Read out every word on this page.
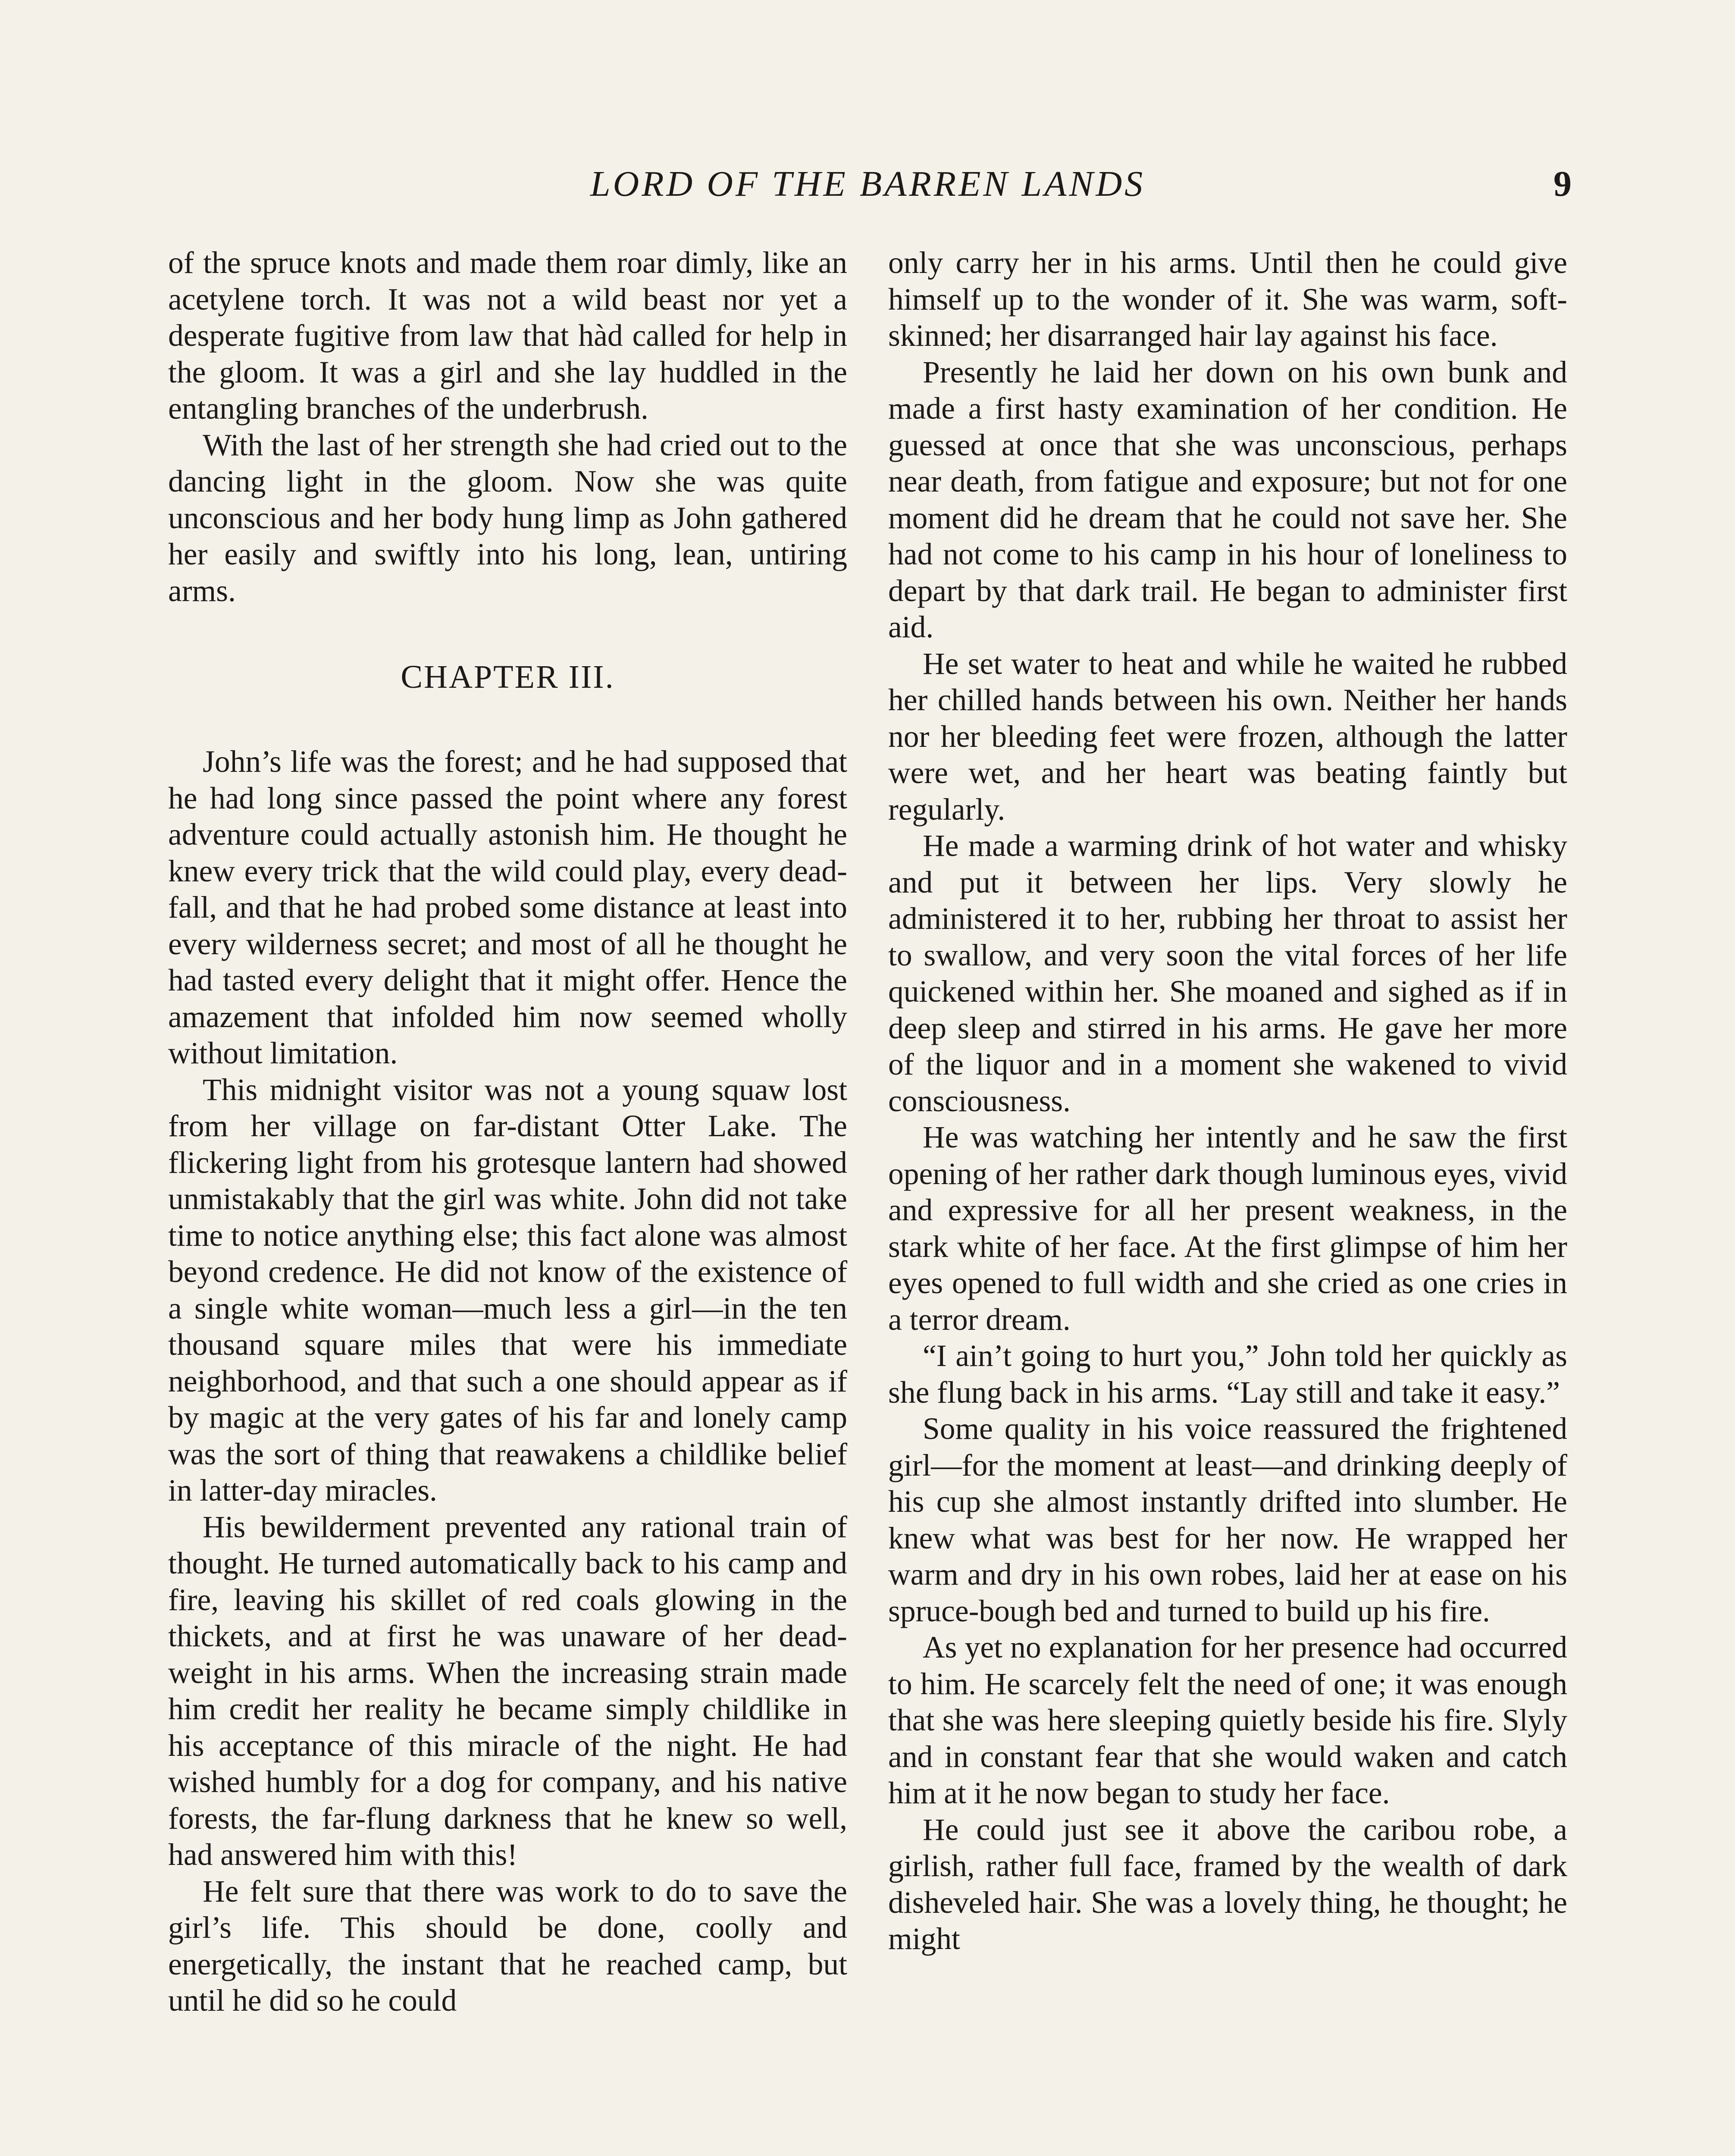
LORD OF THE BARREN LANDS	9

of the spruce knots and made them roar dimly, like an acetylene torch. It was not a wild beast nor yet a desperate fugitive from law that hàd called for help in the gloom. It was a girl and she lay huddled in the entangling branches of the underbrush.

With the last of her strength she had cried out to the dancing light in the gloom. Now she was quite unconscious and her body hung limp as John gathered her easily and swiftly into his long, lean, untiring arms.

CHAPTER III.

John’s life was the forest; and he had supposed that he had long since passed the point where any forest adventure could actually astonish him. He thought he knew every trick that the wild could play, every deadfall, and that he had probed some distance at least into every wilderness secret; and most of all he thought he had tasted every delight that it might offer. Hence the amazement that infolded him now seemed wholly without limitation.

This midnight visitor was not a young squaw lost from her village on far-distant Otter Lake. The flickering light from his grotesque lantern had showed unmistakably that the girl was white. John did not take time to notice anything else; this fact alone was almost beyond credence. He did not know of the existence of a single white woman—much less a girl—in the ten thousand square miles that were his immediate neighborhood, and that such a one should appear as if by magic at the very gates of his far and lonely camp was the sort of thing that reawakens a childlike belief in latter-day miracles.

His bewilderment prevented any rational train of thought. He turned automatically back to his camp and fire, leaving his skillet of red coals glowing in the thickets, and at first he was unaware of her dead-weight in his arms. When the increasing strain made him credit her reality he became simply childlike in his acceptance of this miracle of the night. He had wished humbly for a dog for company, and his native forests, the far-flung darkness that he knew so well, had answered him with this!

He felt sure that there was work to do to save the girl’s life. This should be done, coolly and energetically, the instant that he reached camp, but until he did so he could

only carry her in his arms. Until then he could give himself up to the wonder of it. She was warm, soft-skinned; her disarranged hair lay against his face.

Presently he laid her down on his own bunk and made a first hasty examination of her condition. He guessed at once that she was unconscious, perhaps near death, from fatigue and exposure; but not for one moment did he dream that he could not save her. She had not come to his camp in his hour of loneliness to depart by that dark trail. He began to administer first aid.

He set water to heat and while he waited he rubbed her chilled hands between his own. Neither her hands nor her bleeding feet were frozen, although the latter were wet, and her heart was beating faintly but regularly.

He made a warming drink of hot water and whisky and put it between her lips. Very slowly he administered it to her, rubbing her throat to assist her to swallow, and very soon the vital forces of her life quickened within her. She moaned and sighed as if in deep sleep and stirred in his arms. He gave her more of the liquor and in a moment she wakened to vivid consciousness.

He was watching her intently and he saw the first opening of her rather dark though luminous eyes, vivid and expressive for all her present weakness, in the stark white of her face. At the first glimpse of him her eyes opened to full width and she cried as one cries in a terror dream.

“I ain’t going to hurt you,” John told her quickly as she flung back in his arms. “Lay still and take it easy.”

Some quality in his voice reassured the frightened girl—for the moment at least—and drinking deeply of his cup she almost instantly drifted into slumber. He knew what was best for her now. He wrapped her warm and dry in his own robes, laid her at ease on his spruce-bough bed and turned to build up his fire.

As yet no explanation for her presence had occurred to him. He scarcely felt the need of one; it was enough that she was here sleeping quietly beside his fire. Slyly and in constant fear that she would waken and catch him at it he now began to study her face.

He could just see it above the caribou robe, a girlish, rather full face, framed by the wealth of dark disheveled hair. She was a lovely thing, he thought; he might
